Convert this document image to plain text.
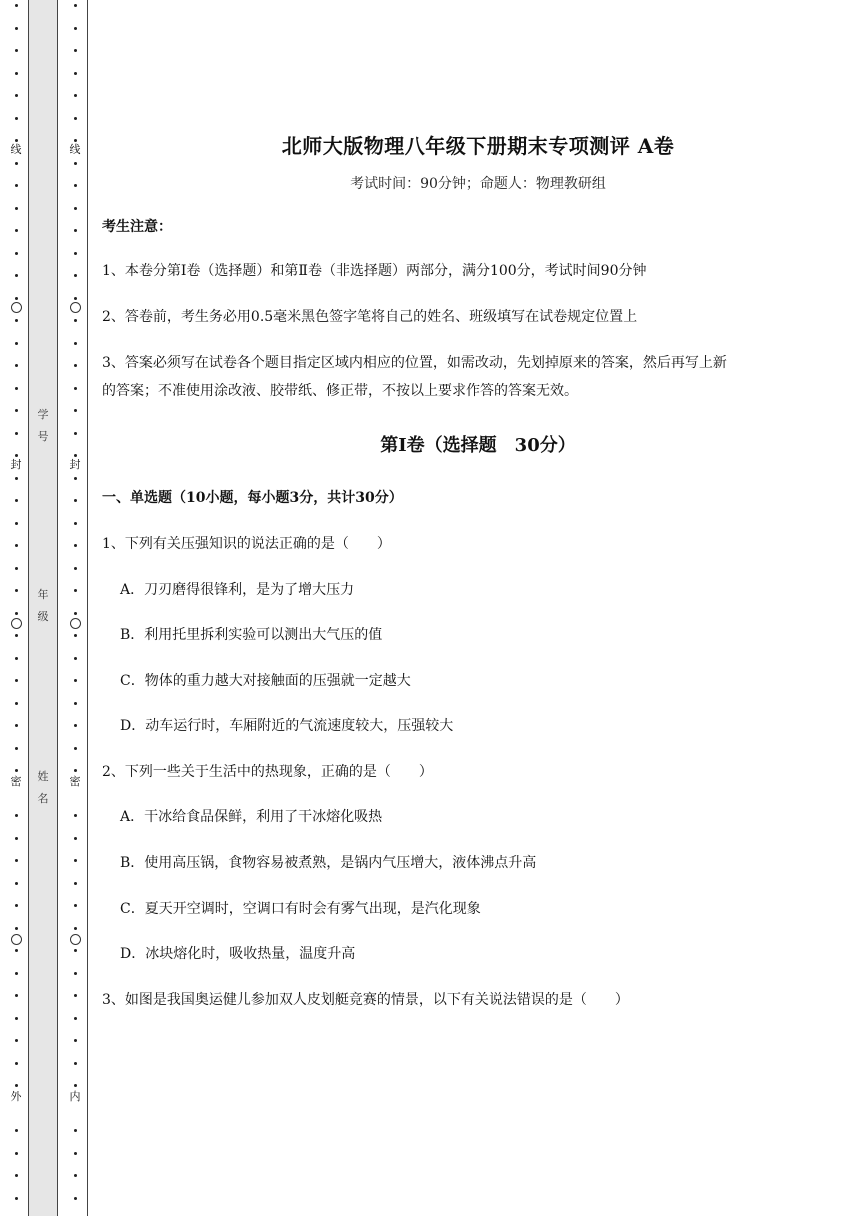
线
封
密
外
线
封
密
内
学
号
年
级
姓
名
北师大版物理八年级下册期末专项测评 A卷
考试时间：90分钟；命题人：物理教研组
考生注意：
1、本卷分第Ⅰ卷（选择题）和第Ⅱ卷（非选择题）两部分，满分100分，考试时间90分钟
2、答卷前，考生务必用0.5毫米黑色签字笔将自己的姓名、班级填写在试卷规定位置上
3、答案必须写在试卷各个题目指定区域内相应的位置，如需改动，先划掉原来的答案，然后再写上新
的答案；不准使用涂改液、胶带纸、修正带，不按以上要求作答的答案无效。
第Ⅰ卷（选择题　30分）
一、单选题（10小题，每小题3分，共计30分）
1、下列有关压强知识的说法正确的是（　　）
A．刀刃磨得很锋利，是为了增大压力
B．利用托里拆利实验可以测出大气压的值
C．物体的重力越大对接触面的压强就一定越大
D．动车运行时，车厢附近的气流速度较大，压强较大
2、下列一些关于生活中的热现象，正确的是（　　）
A．干冰给食品保鲜，利用了干冰熔化吸热
B．使用高压锅，食物容易被煮熟，是锅内气压增大，液体沸点升高
C．夏天开空调时，空调口有时会有雾气出现，是汽化现象
D．冰块熔化时，吸收热量，温度升高
3、如图是我国奥运健儿参加双人皮划艇竞赛的情景，以下有关说法错误的是（　　）
